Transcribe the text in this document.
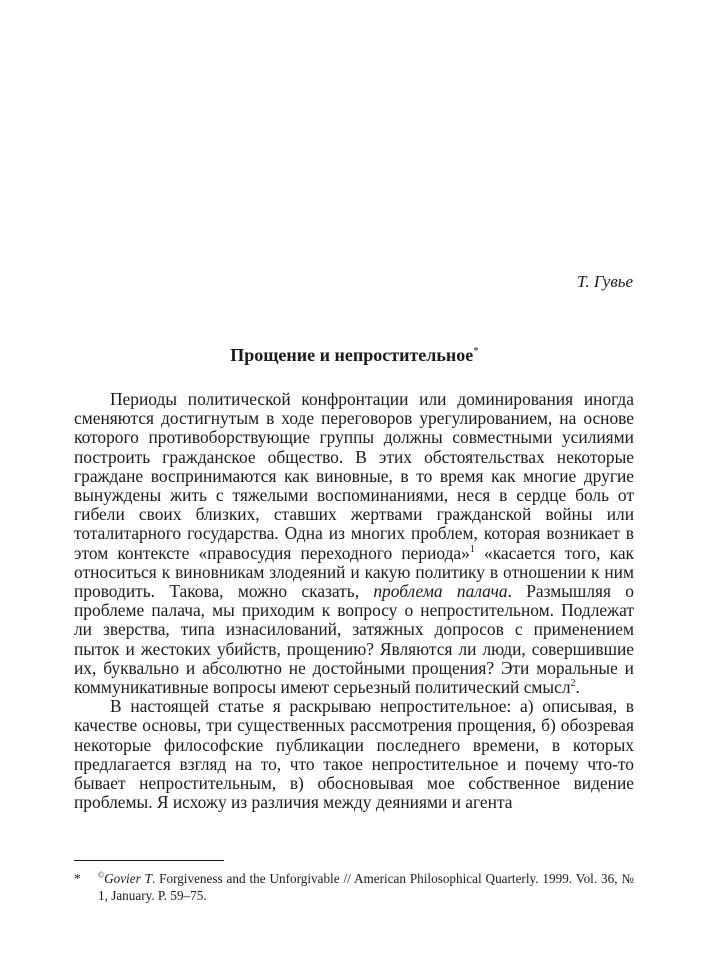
Т. Гувье

Прощение и непростительное*

Периоды политической конфронтации или доминирования иногда сменяются достигнутым в ходе переговоров урегулированием, на основе которого противоборствующие группы должны совместными усилиями построить гражданское общество. В этих обстоятельствах некоторые граждане воспринимаются как виновные, в то время как многие другие вынуждены жить с тяжелыми воспоминаниями, неся в сердце боль от гибели своих близких, ставших жертвами гражданской войны или тоталитарного государства. Одна из многих проблем, которая возникает в этом контексте «правосудия переходного периода»$^1$ «касается того, как относиться к виновникам злодеяний и какую политику в отношении к ним проводить. Такова, можно сказать, проблема палача. Размышляя о проблеме палача, мы приходим к вопросу о непростительном. Подлежат ли зверства, типа изнасилований, затяжных допросов с применением пыток и жестоких убийств, прощению? Являются ли люди, совершившие их, буквально и абсолютно не достойными прощения? Эти моральные и коммуникативные вопросы имеют серьезный политический смысл$^2$.

В настоящей статье я раскрываю непростительное: а) описывая, в качестве основы, три существенных рассмотрения прощения, б) обозревая некоторые философские публикации последнего времени, в которых предлагается взгляд на то, что такое непростительное и почему что-то бывает непростительным, в) обосновывая мое собственное видение проблемы. Я исхожу из различия между деяниями и агента

*	©Govier T. Forgiveness and the Unforgivable // American Philosophical Quarterly. 1999. Vol. 36, № 1, January. P. 59–75.
